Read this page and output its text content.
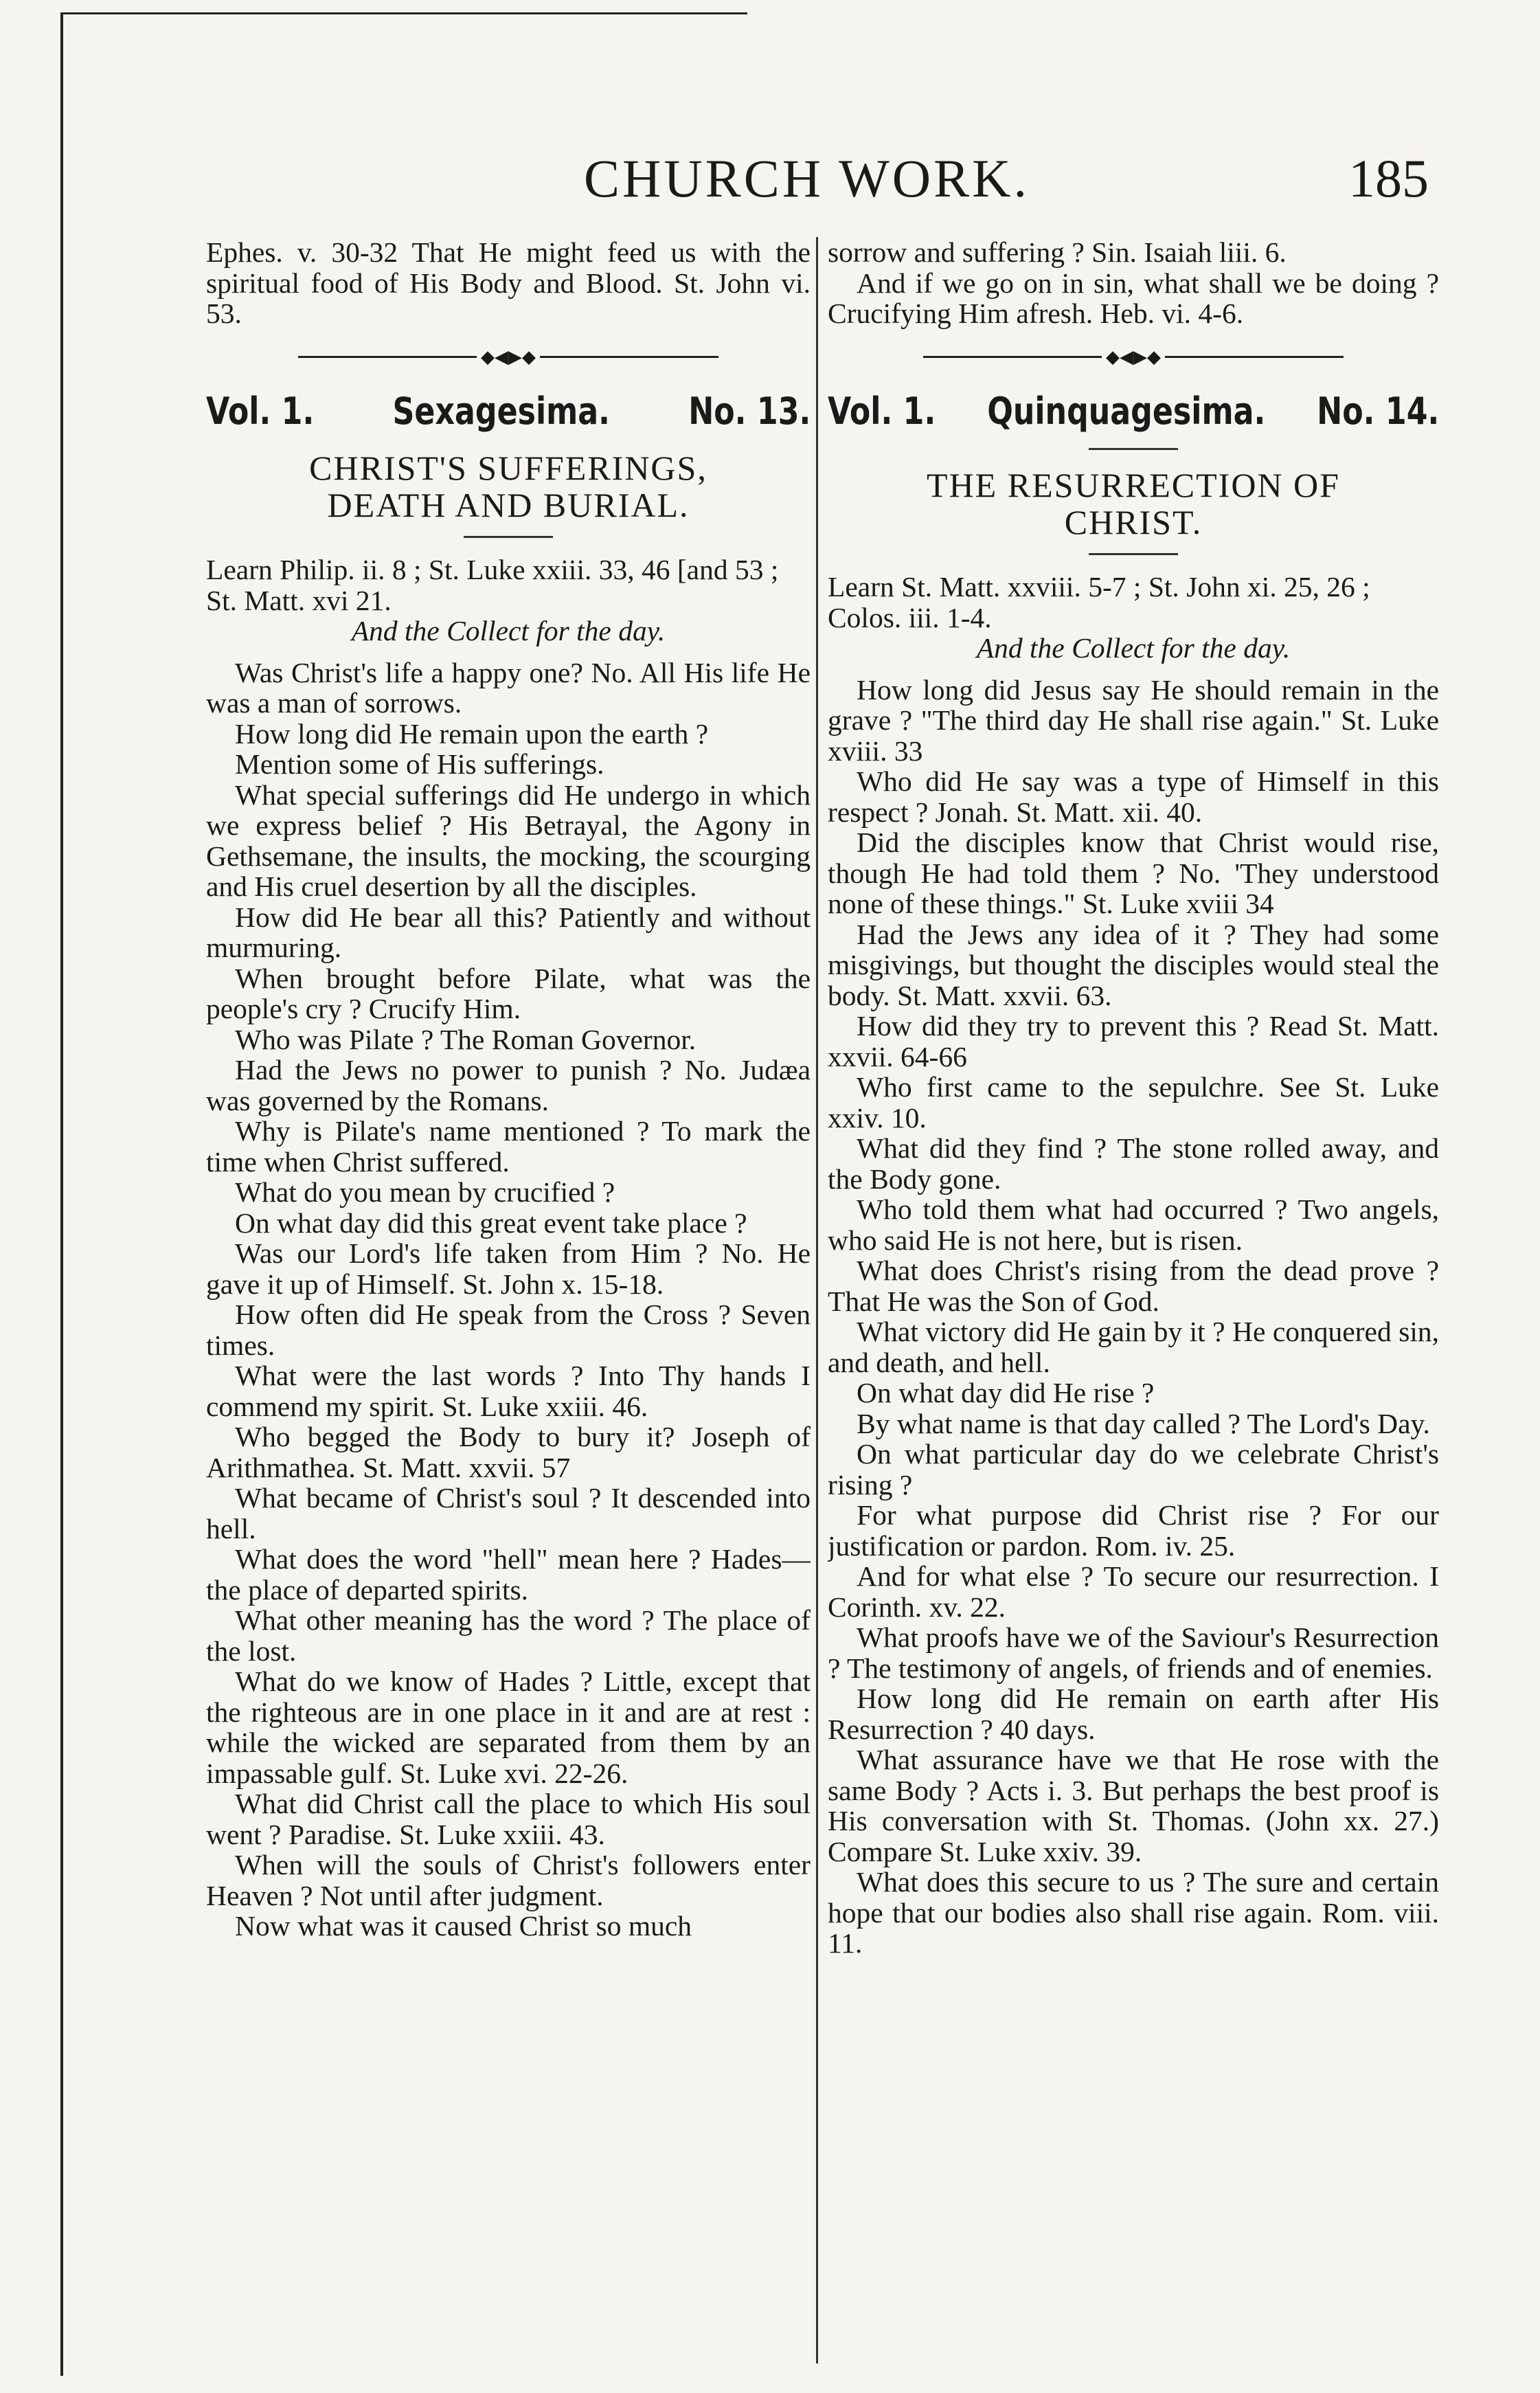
CHURCH WORK.	185

Ephes. v. 30-32 That He might feed us with the spiritual food of His Body and Blood. St. John vi. 53.

◆◀▶◆
Vol. 1. Sexagesima. No. 13.
CHRIST'S SUFFERINGS,
DEATH AND BURIAL.
Learn Philip. ii. 8 ; St. Luke xxiii. 33, 46 [and 53 ; St. Matt. xvi 21.
And the Collect for the day.

Was Christ's life a happy one? No. All His life He was a man of sorrows.

How long did He remain upon the earth ?

Mention some of His sufferings.

What special sufferings did He undergo in which we express belief ? His Betrayal, the Agony in Gethsemane, the insults, the mocking, the scourging and His cruel desertion by all the disciples.

How did He bear all this? Patiently and without murmuring.

When brought before Pilate, what was the people's cry ? Crucify Him.

Who was Pilate ? The Roman Governor.

Had the Jews no power to punish ? No. Judæa was governed by the Romans.

Why is Pilate's name mentioned ? To mark the time when Christ suffered.

What do you mean by crucified ?

On what day did this great event take place ?

Was our Lord's life taken from Him ? No. He gave it up of Himself. St. John x. 15-18.

How often did He speak from the Cross ? Seven times.

What were the last words ? Into Thy hands I commend my spirit. St. Luke xxiii. 46.

Who begged the Body to bury it? Joseph of Arithmathea. St. Matt. xxvii. 57

What became of Christ's soul ? It descended into hell.

What does the word "hell" mean here ? Hades—the place of departed spirits.

What other meaning has the word ? The place of the lost.

What do we know of Hades ? Little, except that the righteous are in one place in it and are at rest : while the wicked are separated from them by an impassable gulf. St. Luke xvi. 22-26.

What did Christ call the place to which His soul went ? Paradise. St. Luke xxiii. 43.

When will the souls of Christ's followers enter Heaven ? Not until after judgment.

Now what was it caused Christ so much

sorrow and suffering ? Sin. Isaiah liii. 6.

And if we go on in sin, what shall we be doing ? Crucifying Him afresh. Heb. vi. 4-6.

◆◀▶◆
Vol. 1. Quinquagesima. No. 14.
THE RESURRECTION OF
CHRIST.
Learn St. Matt. xxviii. 5-7 ; St. John xi. 25, 26 ; Colos. iii. 1-4.
And the Collect for the day.

How long did Jesus say He should remain in the grave ? "The third day He shall rise again." St. Luke xviii. 33

Who did He say was a type of Himself in this respect ? Jonah. St. Matt. xii. 40.

Did the disciples know that Christ would rise, though He had told them ? No. 'They understood none of these things." St. Luke xviii 34

Had the Jews any idea of it ? They had some misgivings, but thought the disciples would steal the body. St. Matt. xxvii. 63.

How did they try to prevent this ? Read St. Matt. xxvii. 64-66

Who first came to the sepulchre. See St. Luke xxiv. 10.

What did they find ? The stone rolled away, and the Body gone.

Who told them what had occurred ? Two angels, who said He is not here, but is risen.

What does Christ's rising from the dead prove ? That He was the Son of God.

What victory did He gain by it ? He conquered sin, and death, and hell.

On what day did He rise ?

By what name is that day called ? The Lord's Day.

On what particular day do we celebrate Christ's rising ?

For what purpose did Christ rise ? For our justification or pardon. Rom. iv. 25.

And for what else ? To secure our resurrection. I Corinth. xv. 22.

What proofs have we of the Saviour's Resurrection ? The testimony of angels, of friends and of enemies.

How long did He remain on earth after His Resurrection ? 40 days.

What assurance have we that He rose with the same Body ? Acts i. 3. But perhaps the best proof is His conversation with St. Thomas. (John xx. 27.) Compare St. Luke xxiv. 39.

What does this secure to us ? The sure and certain hope that our bodies also shall rise again. Rom. viii. 11.
